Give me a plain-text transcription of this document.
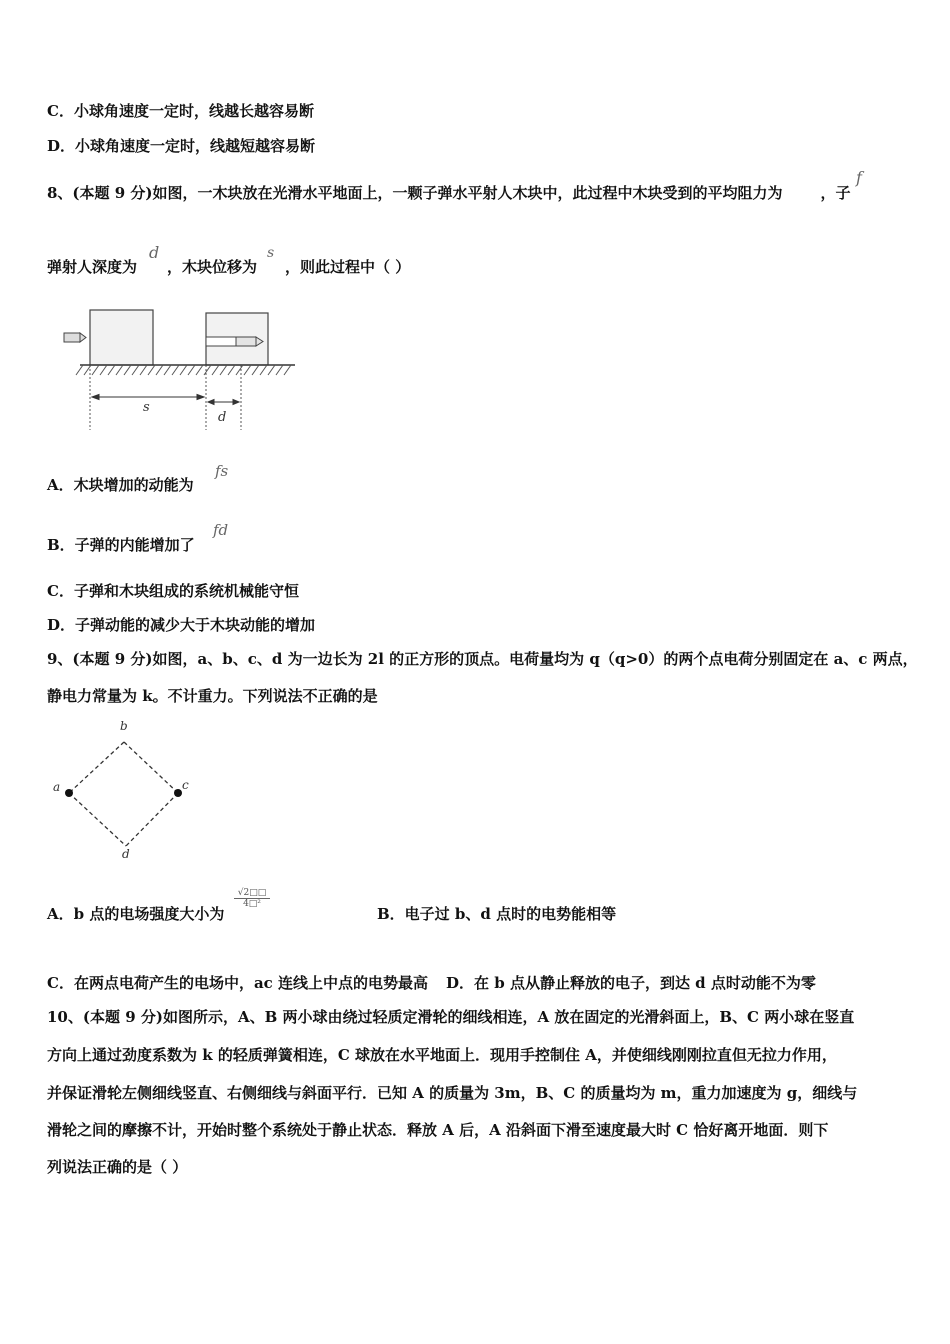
C．小球角速度一定时，线越长越容易断
D．小球角速度一定时，线越短越容易断
8、(本题 9 分)如图，一木块放在光滑水平地面上，一颗子弹水平射人木块中，此过程中木块受到的平均阻力为	，子
f
弹射人深度为 ，木块位移为 ，则此过程中（ ）
d	s
s
d
A．木块增加的动能为
fs
B．子弹的内能增加了
fd
C．子弹和木块组成的系统机械能守恒
D．子弹动能的减少大于木块动能的增加
9、(本题 9 分)如图，a、b、c、d 为一边长为 2l 的正方形的顶点。电荷量均为 q（q>0）的两个点电荷分别固定在 a、c 两点，
静电力常量为 k。不计重力。下列说法不正确的是
b
a	c
d
A．b 点的电场强度大小为
$\frac{√2□□}{\text{4□²}}$
B．电子过 b、d 点时的电势能相等
C．在两点电荷产生的电场中，ac 连线上中点的电势最高 D．在 b 点从静止释放的电子，到达 d 点时动能不为零
10、(本题 9 分)如图所示，A、B 两小球由绕过轻质定滑轮的细线相连，A 放在固定的光滑斜面上，B、C 两小球在竖直
方向上通过劲度系数为 k 的轻质弹簧相连，C 球放在水平地面上．现用手控制住 A，并使细线刚刚拉直但无拉力作用，
并保证滑轮左侧细线竖直、右侧细线与斜面平行．已知 A 的质量为 3m，B、C 的质量均为 m，重力加速度为 g，细线与
滑轮之间的摩擦不计，开始时整个系统处于静止状态．释放 A 后，A 沿斜面下滑至速度最大时 C 恰好离开地面．则下
列说法正确的是（ ）
